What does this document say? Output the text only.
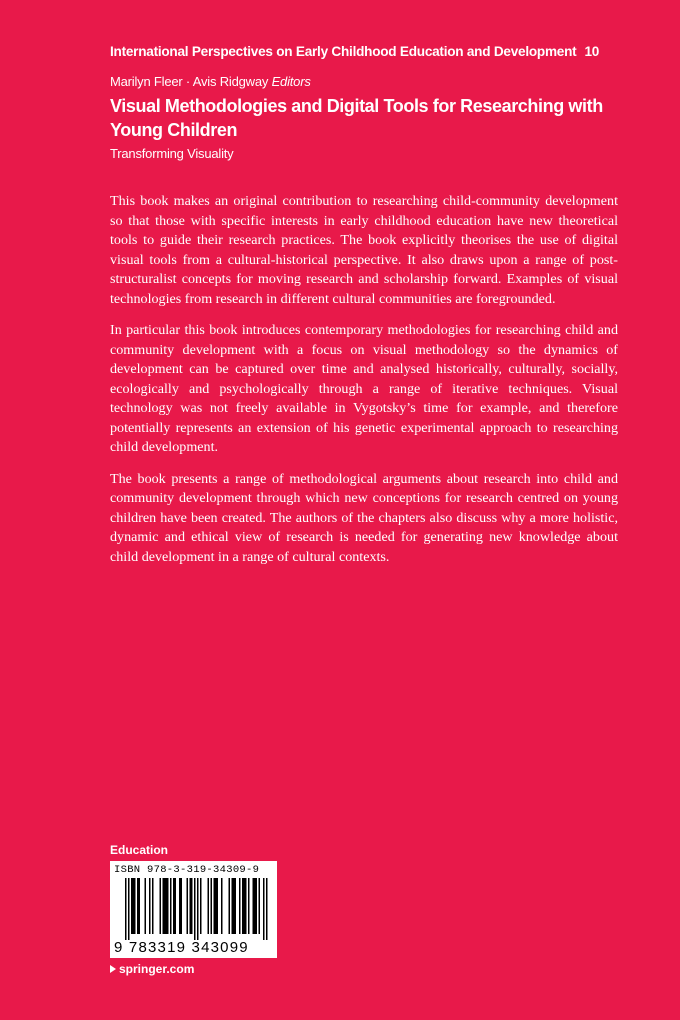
International Perspectives on Early Childhood Education and Development 10
Marilyn Fleer · Avis Ridgway Editors
Visual Methodologies and Digital Tools for Researching with Young Children
Transforming Visuality

This book makes an original contribution to researching child-community development so that those with specific interests in early childhood education have new theoretical tools to guide their research practices. The book explicitly theorises the use of digital visual tools from a cultural-historical perspective. It also draws upon a range of post-structuralist concepts for moving research and scholarship forward. Examples of visual technologies from research in different cultural communities are foregrounded.

In particular this book introduces contemporary methodologies for researching child and community development with a focus on visual methodology so the dynamics of development can be captured over time and analysed historically, culturally, socially, ecologically and psychologically through a range of iterative techniques. Visual technology was not freely available in Vygotsky’s time for example, and therefore potentially represents an extension of his genetic experimental approach to researching child development.

The book presents a range of methodological arguments about research into child and community development through which new conceptions for research centred on young children have been created. The authors of the chapters also discuss why a more holistic, dynamic and ethical view of research is needed for generating new knowledge about child development in a range of cultural contexts.

Education
ISBN 978-3-319-34309-9
9 783319 343099
springer.com
